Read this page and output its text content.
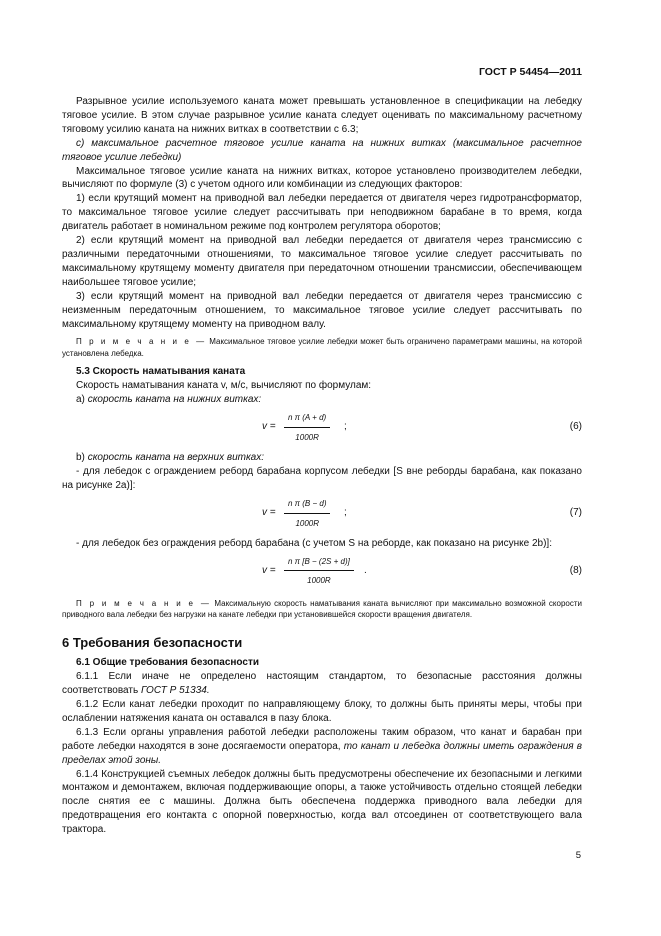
ГОСТ Р 54454—2011

Разрывное усилие используемого каната может превышать установленное в спецификации на лебедку тяговое усилие. В этом случае разрывное усилие каната следует оценивать по максимальному расчетному тяговому усилию каната на нижних витках в соответствии с 6.3;

с) максимальное расчетное тяговое усилие каната на нижних витках (максимальное расчетное тяговое усилие лебедки)

Максимальное тяговое усилие каната на нижних витках, которое установлено производителем лебедки, вычисляют по формуле (3) с учетом одного или комбинации из следующих факторов:

1) если крутящий момент на приводной вал лебедки передается от двигателя через гидротрансформатор, то максимальное тяговое усилие следует рассчитывать при неподвижном барабане в то время, когда двигатель работает в номинальном режиме под контролем регулятора оборотов;

2) если крутящий момент на приводной вал лебедки передается от двигателя через трансмиссию с различными передаточными отношениями, то максимальное тяговое усилие следует рассчитывать по максимальному крутящему моменту двигателя при передаточном отношении трансмиссии, обеспечивающем наибольшее тяговое усилие;

3) если крутящий момент на приводной вал лебедки передается от двигателя через трансмиссию с неизменным передаточным отношением, то максимальное тяговое усилие следует рассчитывать по максимальному крутящему моменту на приводном валу.

П р и м е ч а н и е — Максимальное тяговое усилие лебедки может быть ограничено параметрами машины, на которой установлена лебедка.

5.3 Скорость наматывания каната

Скорость наматывания каната v, м/с, вычисляют по формулам:

а) скорость каната на нижних витках:

$v = \frac{\text{n π (A + d)}}{1000R}$ ;	(6)

b) скорость каната на верхних витках:

- для лебедок с ограждением реборд барабана корпусом лебедки [S вне реборды барабана, как показано на рисунке 2а)]:

$v = \frac{\text{n π (B − d)}}{1000R}$ ;	(7)

- для лебедок без ограждения реборд барабана (с учетом S на реборде, как показано на рисунке 2b)]:

$v = \frac{\text{n π [B − (2S + d)]}}{1000R}$ .	(8)

П р и м е ч а н и е — Максимальную скорость наматывания каната вычисляют при максимально возможной скорости приводного вала лебедки без нагрузки на канате лебедки при установившейся скорости вращения двигателя.

6 Требования безопасности

6.1 Общие требования безопасности

6.1.1 Если иначе не определено настоящим стандартом, то безопасные расстояния должны соответствовать ГОСТ Р 51334.

6.1.2 Если канат лебедки проходит по направляющему блоку, то должны быть приняты меры, чтобы при ослаблении натяжения каната он оставался в пазу блока.

6.1.3 Если органы управления работой лебедки расположены таким образом, что канат и барабан при работе лебедки находятся в зоне досягаемости оператора, то канат и лебедка должны иметь ограждения в пределах этой зоны.

6.1.4 Конструкцией съемных лебедок должны быть предусмотрены обеспечение их безопасными и легкими монтажом и демонтажем, включая поддерживающие опоры, а также устойчивость отдельно стоящей лебедки после снятия ее с машины. Должна быть обеспечена поддержка приводного вала лебедки для предотвращения его контакта с опорной поверхностью, когда вал отсоединен от соответствующего вала трактора.

5
